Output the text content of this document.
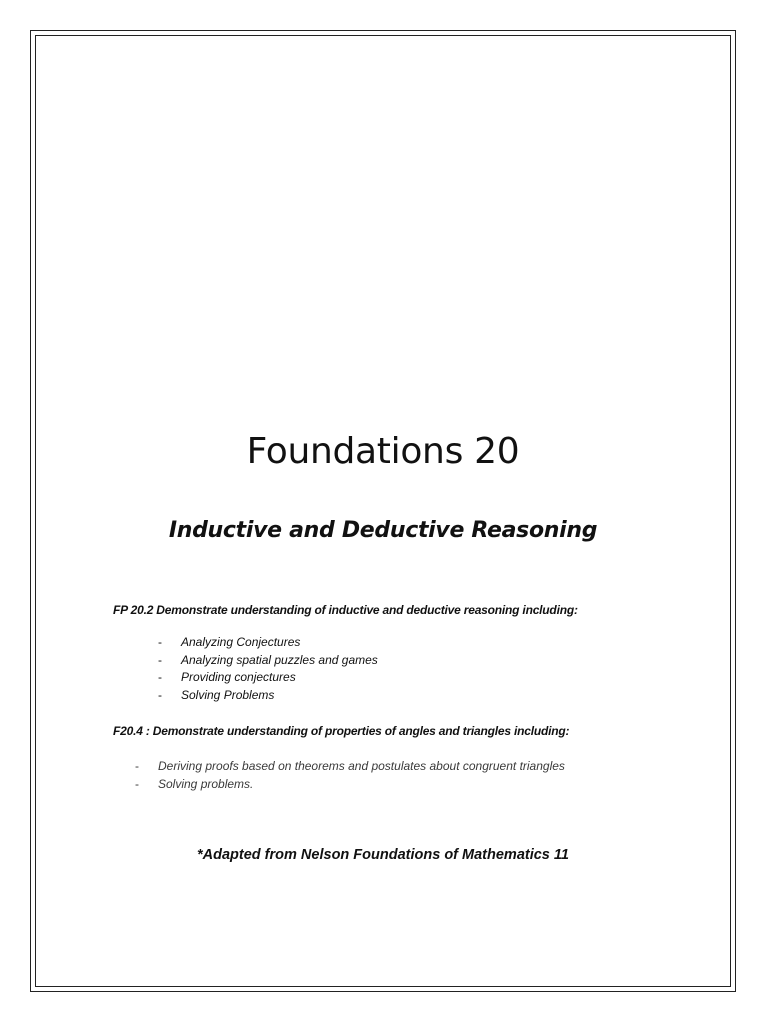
Foundations 20
Inductive and Deductive Reasoning

FP 20.2 Demonstrate understanding of inductive and deductive reasoning including:

- Analyzing Conjectures
- Analyzing spatial puzzles and games
- Providing conjectures
- Solving Problems

F20.4 : Demonstrate understanding of properties of angles and triangles including:

- Deriving proofs based on theorems and postulates about congruent triangles
- Solving problems.

*Adapted from Nelson Foundations of Mathematics 11
